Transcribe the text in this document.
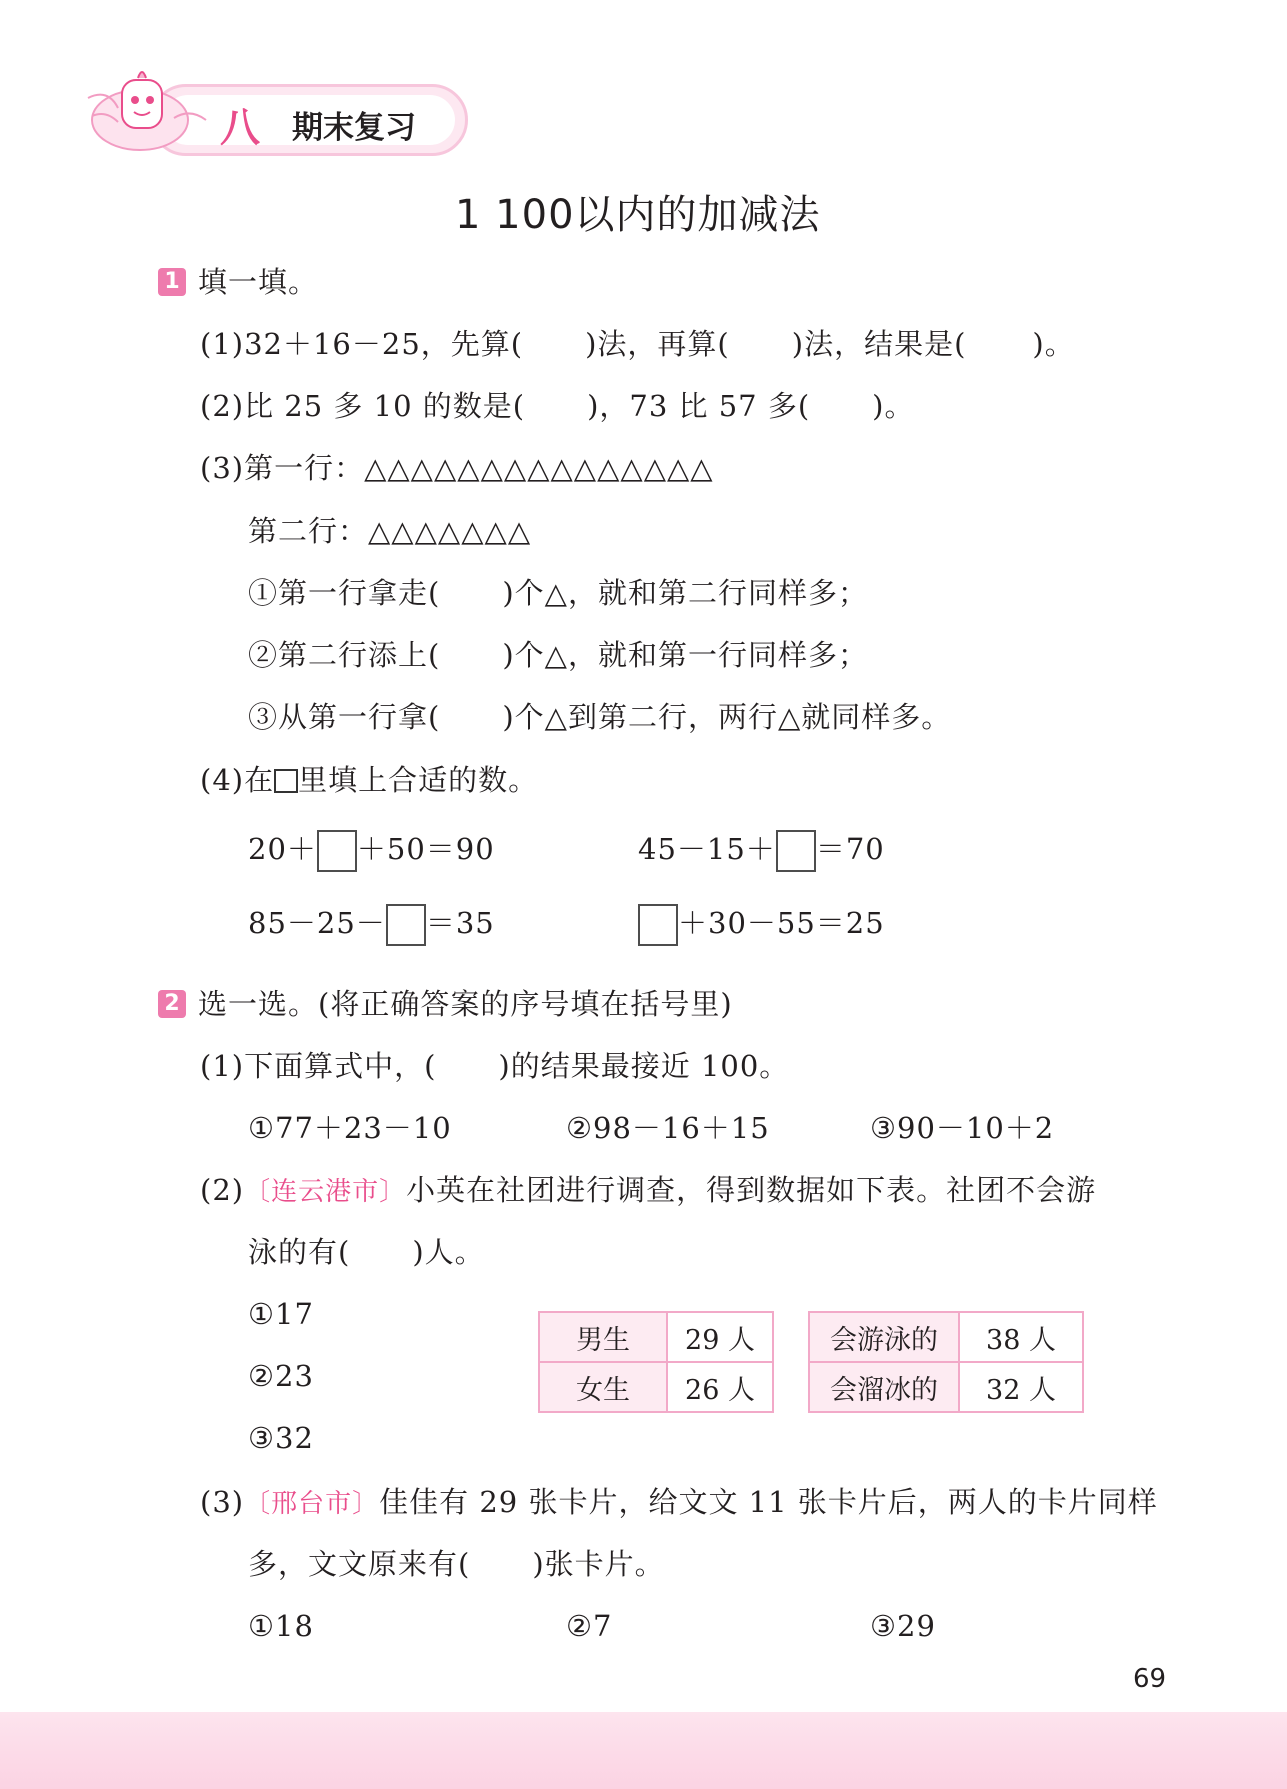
八 期末复习
1 100以内的加减法
1 填一填。
(1)32＋16－25，先算( )法，再算( )法，结果是( )。
(2)比 25 多 10 的数是( )，73 比 57 多( )。
(3)第一行：△△△△△△△△△△△△△△△
第二行：△△△△△△△
①第一行拿走( )个△，就和第二行同样多；
②第二行添上( )个△，就和第一行同样多；
③从第一行拿( )个△到第二行，两行△就同样多。
(4)在 里填上合适的数。
20＋ ＋50＝90	45－15＋ ＝70
85－25－ ＝35	＋30－55＝25
2 选一选。(将正确答案的序号填在括号里)
(1)下面算式中，( )的结果最接近 100。
①77＋23－10	②98－16＋15	③90－10＋2
(2)〔连云港市〕小英在社团进行调查，得到数据如下表。社团不会游
泳的有( )人。
①17
②23
③32
男生	29 人
女生	26 人
会游泳的	38 人
会溜冰的	32 人
(3)〔邢台市〕佳佳有 29 张卡片，给文文 11 张卡片后，两人的卡片同样
多，文文原来有( )张卡片。
①18	②7	③29
69
